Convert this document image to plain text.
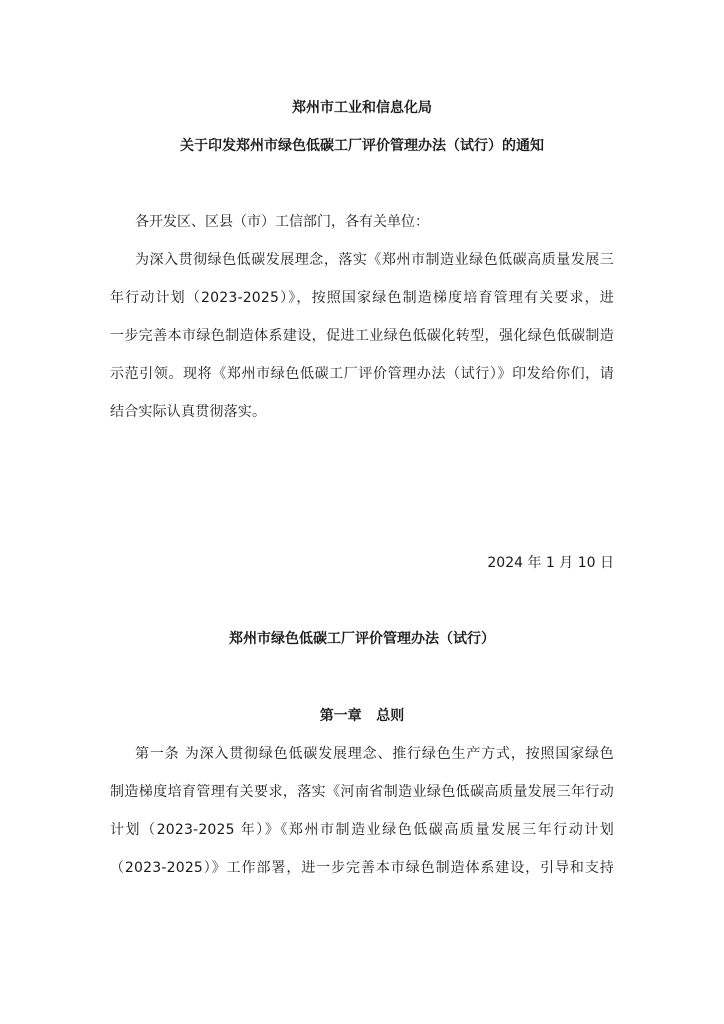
郑州市工业和信息化局
关于印发郑州市绿色低碳工厂评价管理办法（试行）的通知
各开发区、区县（市）工信部门，各有关单位：
为深入贯彻绿色低碳发展理念，落实《郑州市制造业绿色低碳高质量发展三
年行动计划（2023-2025）》，按照国家绿色制造梯度培育管理有关要求，进
一步完善本市绿色制造体系建设，促进工业绿色低碳化转型，强化绿色低碳制造
示范引领。现将《郑州市绿色低碳工厂评价管理办法（试行）》印发给你们，请
结合实际认真贯彻落实。
2024 年 1 月 10 日
郑州市绿色低碳工厂评价管理办法（试行）
第一章   总则
第一条 为深入贯彻绿色低碳发展理念、推行绿色生产方式，按照国家绿色
制造梯度培育管理有关要求，落实《河南省制造业绿色低碳高质量发展三年行动
计划（2023-2025 年）》《郑州市制造业绿色低碳高质量发展三年行动计划
（2023-2025）》工作部署，进一步完善本市绿色制造体系建设，引导和支持
